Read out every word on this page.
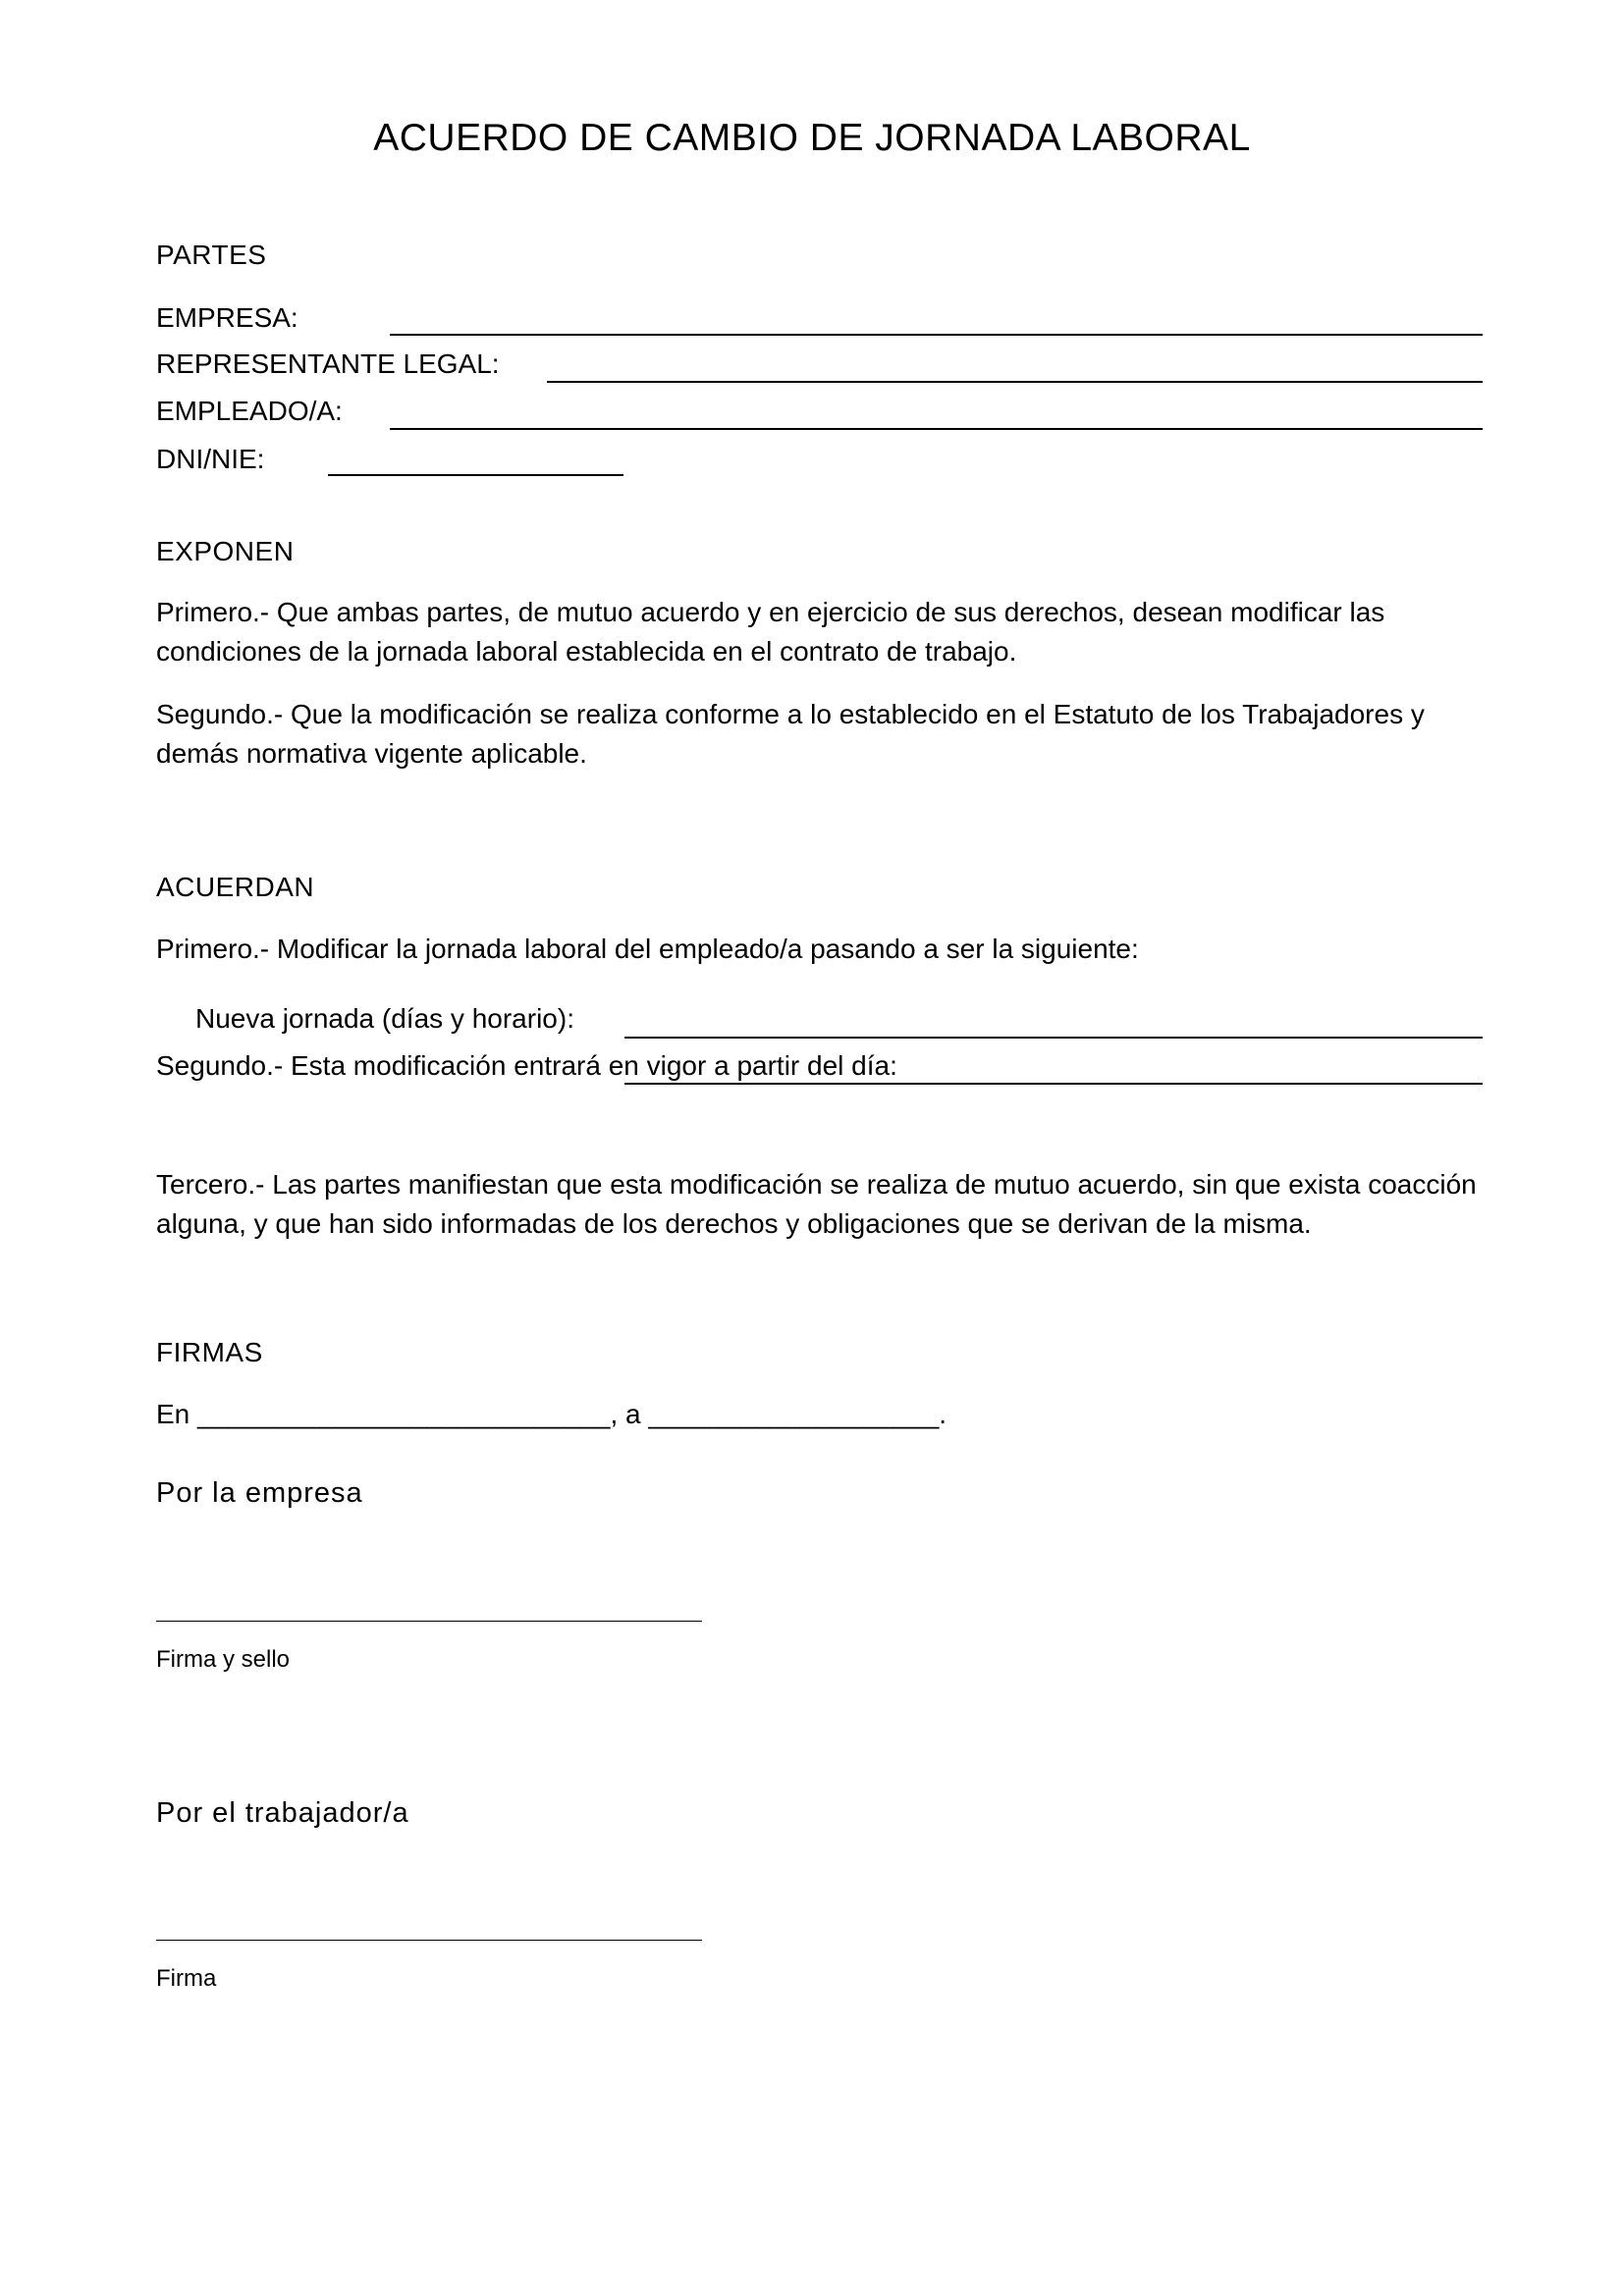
ACUERDO DE CAMBIO DE JORNADA LABORAL
PARTES
EMPRESA:
REPRESENTANTE LEGAL:
EMPLEADO/A:
DNI/NIE:
EXPONEN
Primero.- Que ambas partes, de mutuo acuerdo y en ejercicio de sus derechos, desean modificar las condiciones de la jornada laboral establecida en el contrato de trabajo.
Segundo.- Que la modificación se realiza conforme a lo establecido en el Estatuto de los Trabajadores y demás normativa vigente aplicable.
ACUERDAN
Primero.- Modificar la jornada laboral del empleado/a pasando a ser la siguiente:
Nueva jornada (días y horario):
Segundo.- Esta modificación entrará en vigor a partir del día:
Tercero.- Las partes manifiestan que esta modificación se realiza de mutuo acuerdo, sin que exista coacción alguna, y que han sido informadas de los derechos y obligaciones que se derivan de la misma.
FIRMAS
En ___________________________, a ___________________.
Por la empresa
Firma y sello
Por el trabajador/a
Firma
